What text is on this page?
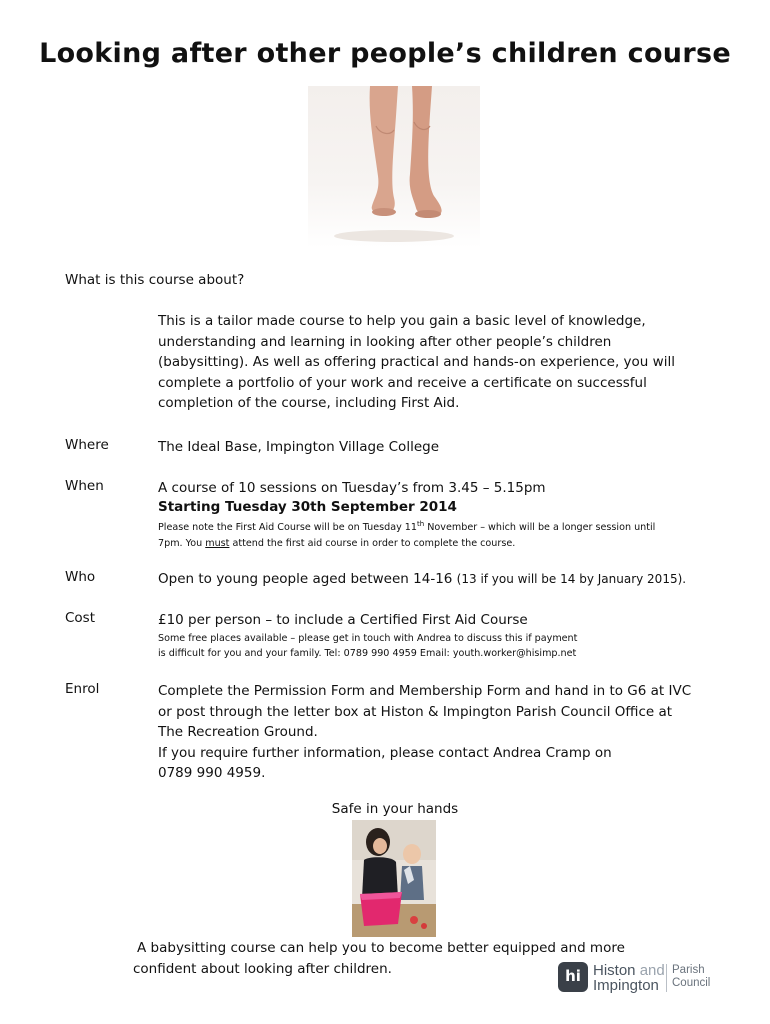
Looking after other people’s children course
What is this course about?
This is a tailor made course to help you gain a basic level of knowledge,
understanding and learning in looking after other people’s children
(babysitting). As well as offering practical and hands-on experience, you will
complete a portfolio of your work and receive a certificate on successful
completion of the course, including First Aid.
Where	The Ideal Base, Impington Village College
When	A course of 10 sessions on Tuesday’s from 3.45 – 5.15pm
Starting Tuesday 30th September 2014
Please note the First Aid Course will be on Tuesday 11th November – which will be a longer session until
7pm. You must attend the first aid course in order to complete the course.
Who	Open to young people aged between 14-16 (13 if you will be 14 by January 2015).
Cost	£10 per person – to include a Certified First Aid Course
Some free places available – please get in touch with Andrea to discuss this if payment
is difficult for you and your family. Tel: 0789 990 4959 Email: youth.worker@hisimp.net
Enrol	Complete the Permission Form and Membership Form and hand in to G6 at IVC
or post through the letter box at Histon & Impington Parish Council Office at
The Recreation Ground.
If you require further information, please contact Andrea Cramp on
0789 990 4959.
Safe in your hands
A babysitting course can help you to become better equipped and more
confident about looking after children.	hi Histon and
Impington
Parish
Council
